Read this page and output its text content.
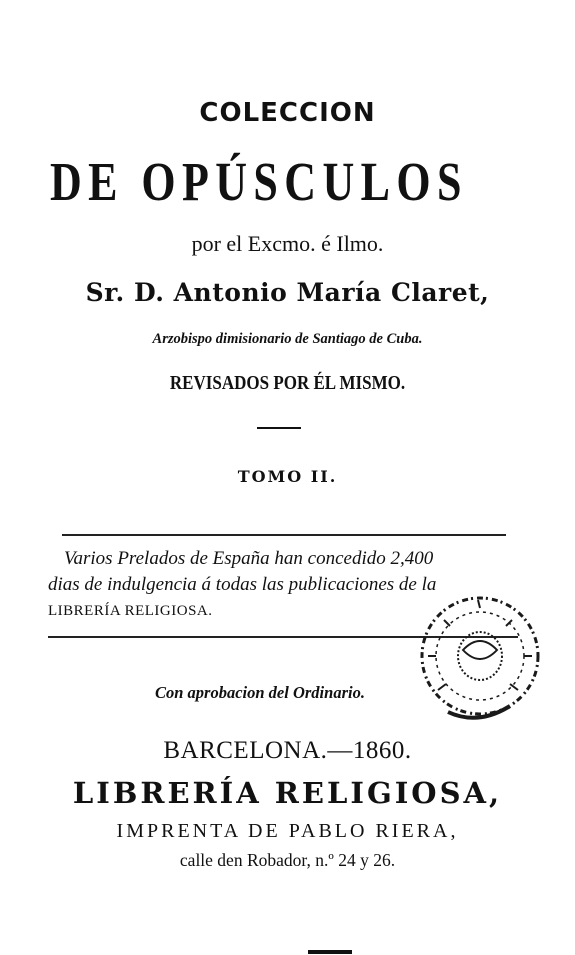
COLECCION
DE OPÚSCULOS
por el Excmo. é Ilmo.
Sr. D. Antonio María Claret,
Arzobispo dimisionario de Santiago de Cuba.
REVISADOS POR ÉL MISMO.
TOMO II.
Varios Prelados de España han concedido 2,400
dias de indulgencia á todas las publicaciones de la
LIBRERÍA RELIGIOSA.
Con aprobacion del Ordinario.
BARCELONA.—1860.
LIBRERÍA RELIGIOSA,
IMPRENTA DE PABLO RIERA,
calle den Robador, n.º 24 y 26.
